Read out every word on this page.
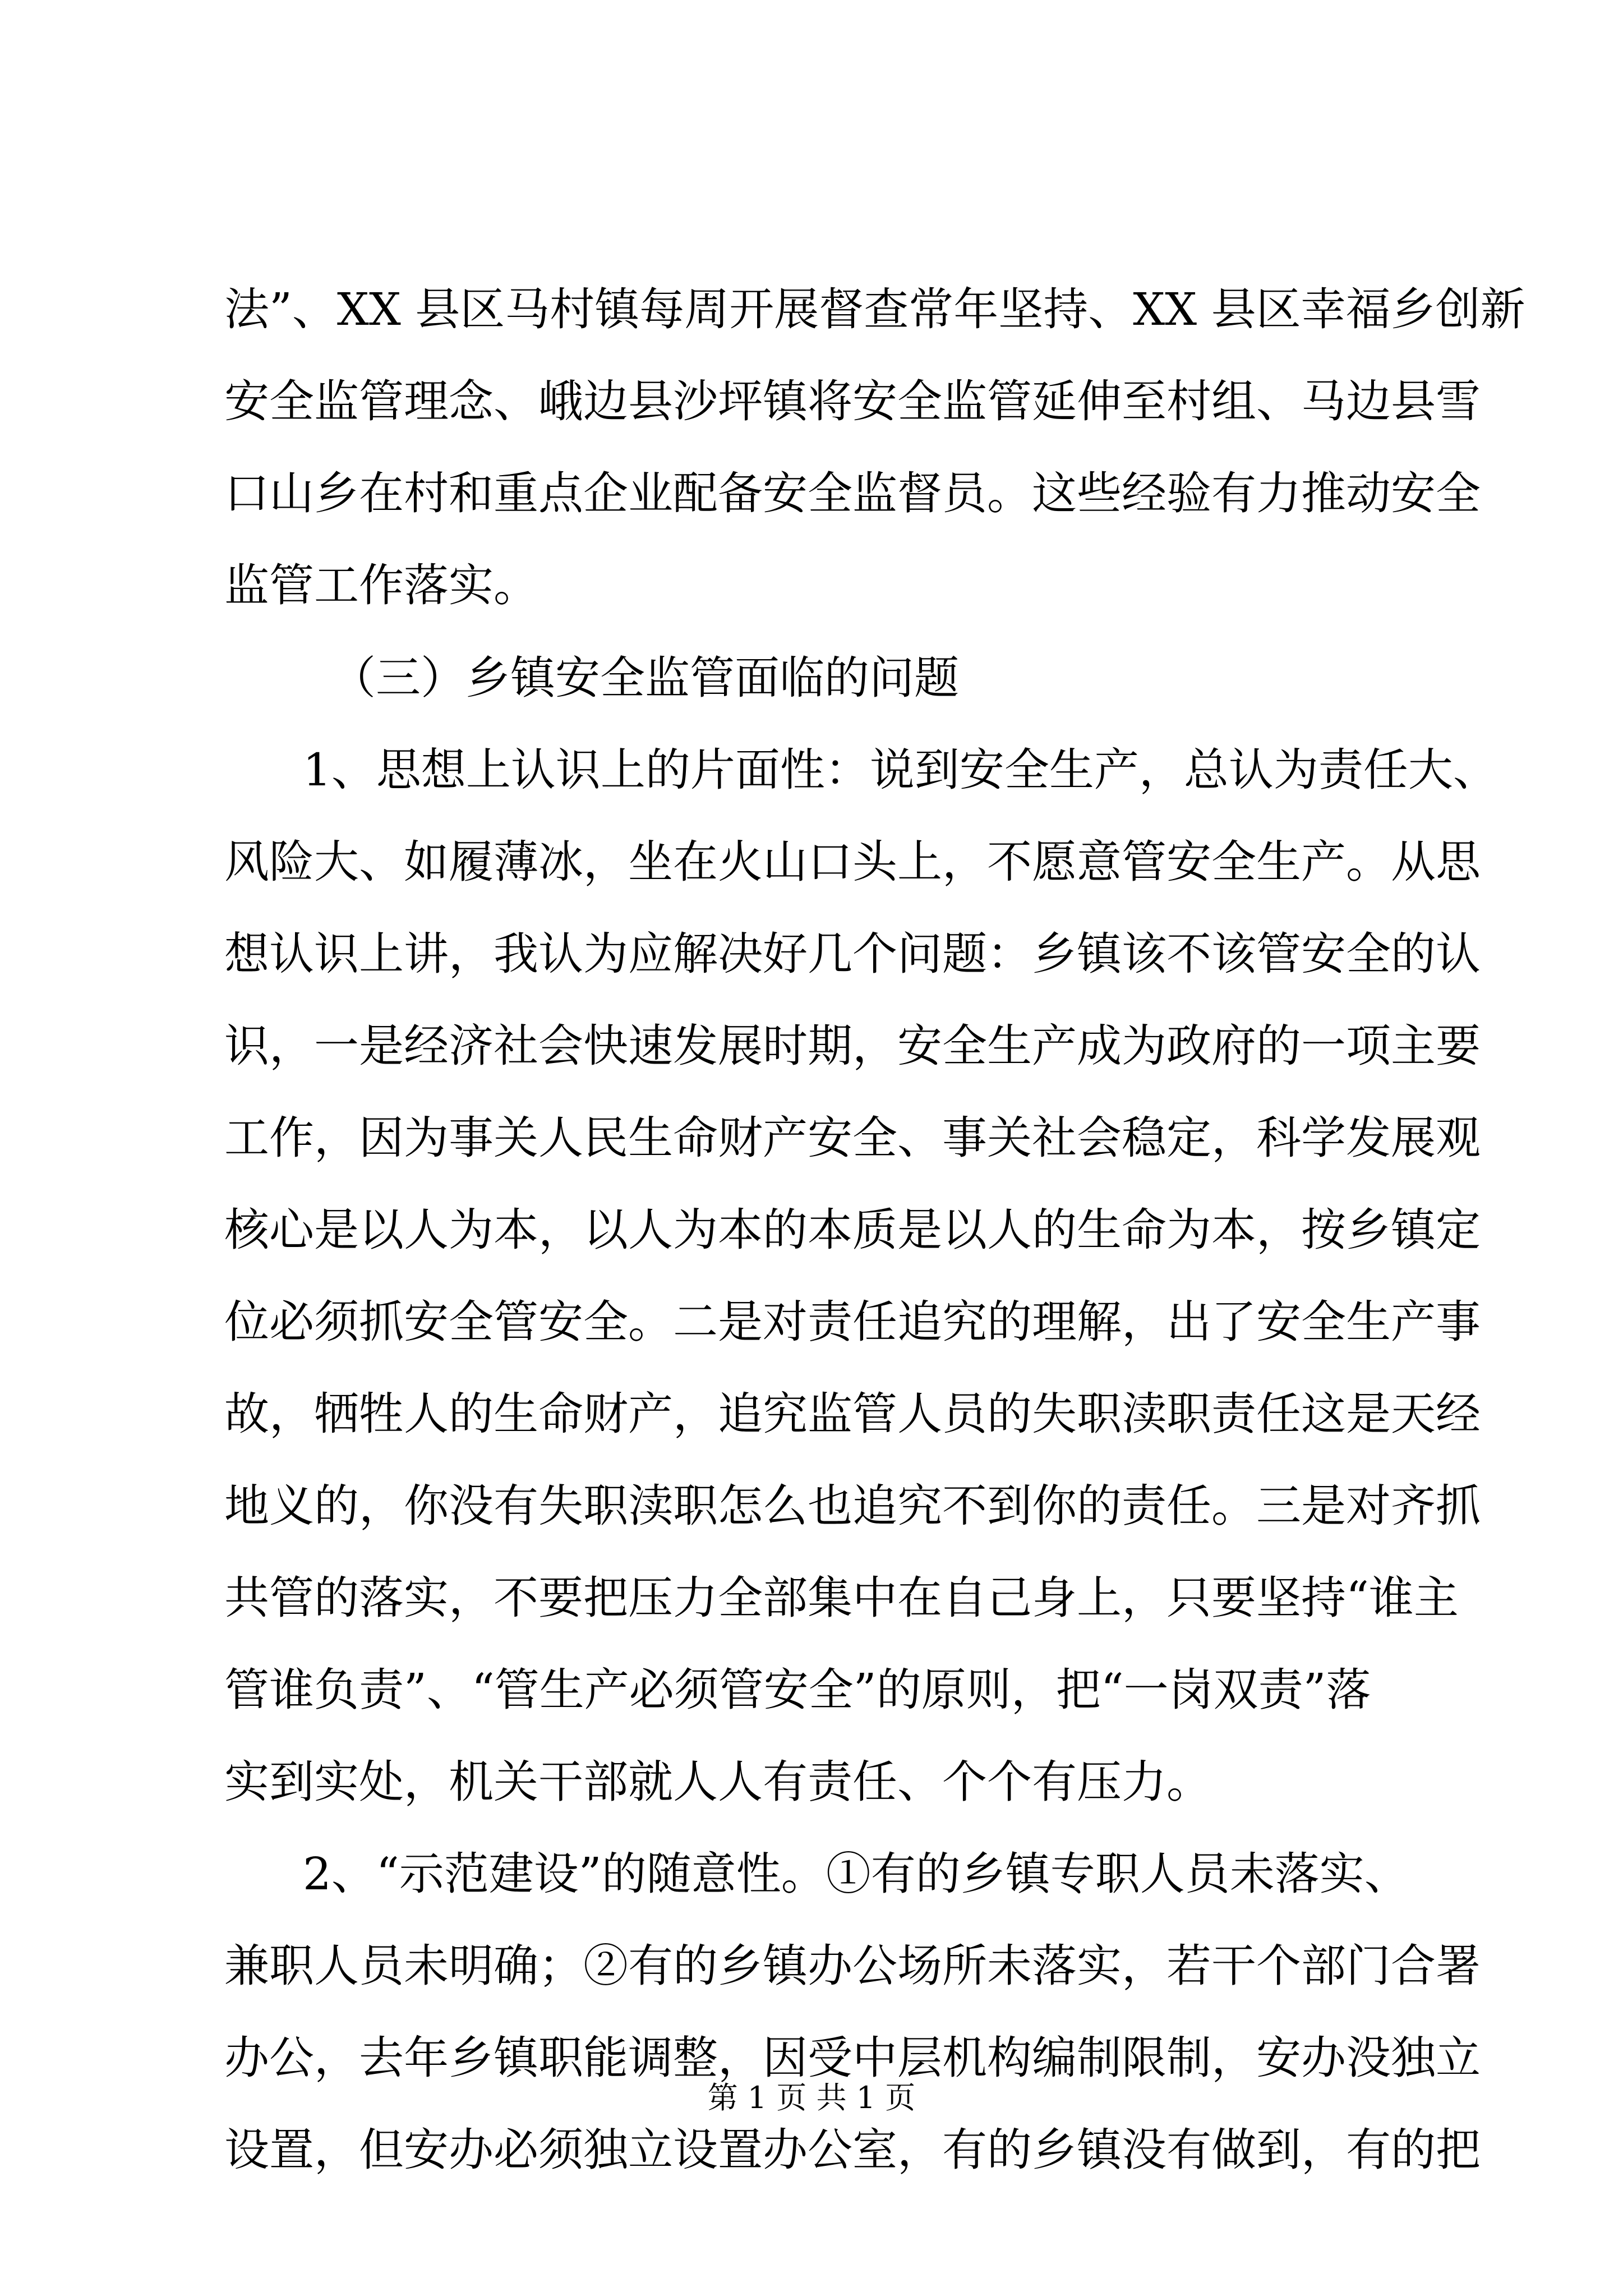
法”、XX 县区马村镇每周开展督查常年坚持、XX 县区幸福乡创新
安全监管理念、峨边县沙坪镇将安全监管延伸至村组、马边县雪
口山乡在村和重点企业配备安全监督员。这些经验有力推动安全
监管工作落实。
（三）乡镇安全监管面临的问题
1、思想上认识上的片面性：说到安全生产，总认为责任大、
风险大、如履薄冰，坐在火山口头上，不愿意管安全生产。从思
想认识上讲，我认为应解决好几个问题：乡镇该不该管安全的认
识，一是经济社会快速发展时期，安全生产成为政府的一项主要
工作，因为事关人民生命财产安全、事关社会稳定，科学发展观
核心是以人为本，以人为本的本质是以人的生命为本，按乡镇定
位必须抓安全管安全。二是对责任追究的理解，出了安全生产事
故，牺牲人的生命财产，追究监管人员的失职渎职责任这是天经
地义的，你没有失职渎职怎么也追究不到你的责任。三是对齐抓
共管的落实，不要把压力全部集中在自己身上，只要坚持“谁主
管谁负责”、“管生产必须管安全”的原则，把“一岗双责”落
实到实处，机关干部就人人有责任、个个有压力。
2、“示范建设”的随意性。①有的乡镇专职人员未落实、
兼职人员未明确；②有的乡镇办公场所未落实，若干个部门合署
办公，去年乡镇职能调整，因受中层机构编制限制，安办没独立
设置，但安办必须独立设置办公室，有的乡镇没有做到，有的把
第 1 页 共 1 页
